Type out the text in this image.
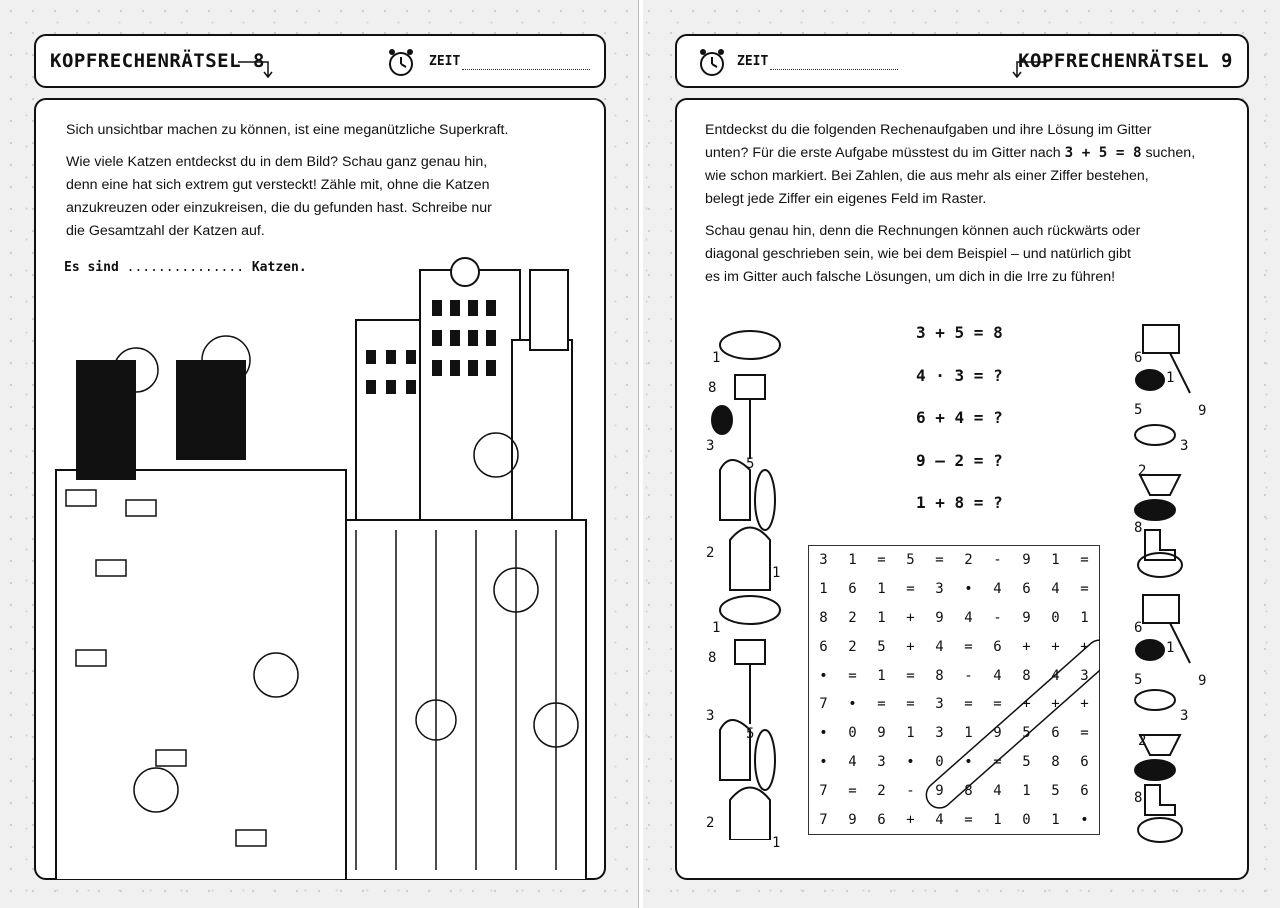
KOPFRECHENRÄTSEL 8	ZEIT

Sich unsichtbar machen zu können, ist eine meganützliche Superkraft.

Wie viele Katzen entdeckst du in dem Bild? Schau ganz genau hin,

denn eine hat sich extrem gut versteckt! Zähle mit, ohne die Katzen

anzukreuzen oder einzukreisen, die du gefunden hast. Schreibe nur

die Gesamtzahl der Katzen auf.

Es sind ............... Katzen.
ZEIT	KOPFRECHENRÄTSEL 9

Entdeckst du die folgenden Rechenaufgaben und ihre Lösung im Gitter

unten? Für die erste Aufgabe müsstest du im Gitter nach 3 + 5 = 8 suchen,

wie schon markiert. Bei Zahlen, die aus mehr als einer Ziffer bestehen,

belegt jede Ziffer ein eigenes Feld im Raster.

Schau genau hin, denn die Rechnungen können auch rückwärts oder

diagonal geschrieben sein, wie bei dem Beispiel – und natürlich gibt

es im Gitter auch falsche Lösungen, um dich in die Irre zu führen!

3 + 5 = 8
4 · 3 = ?
6 + 4 = ?
9 – 2 = ?
1 + 8 = ?
1
8
3
5
2
1
1
8
3
5
2
1
6
1
5	9
3
2
8
6
1
5	9
3
2
8
3	1	=	5	=	2	-	9	1	=
1	6	1	=	3	•	4	6	4	=
8	2	1	+	9	4	-	9	0	1
6	2	5	+	4	=	6	+	+	+
•	=	1	=	8	-	4	8	4	3
7	•	=	=	3	=	=	+	+	+
•	0	9	1	3	1	9	5	6	=
•	4	3	•	0	•	=	5	8	6
7	=	2	-	9	8	4	1	5	6
7	9	6	+	4	=	1	0	1	•
